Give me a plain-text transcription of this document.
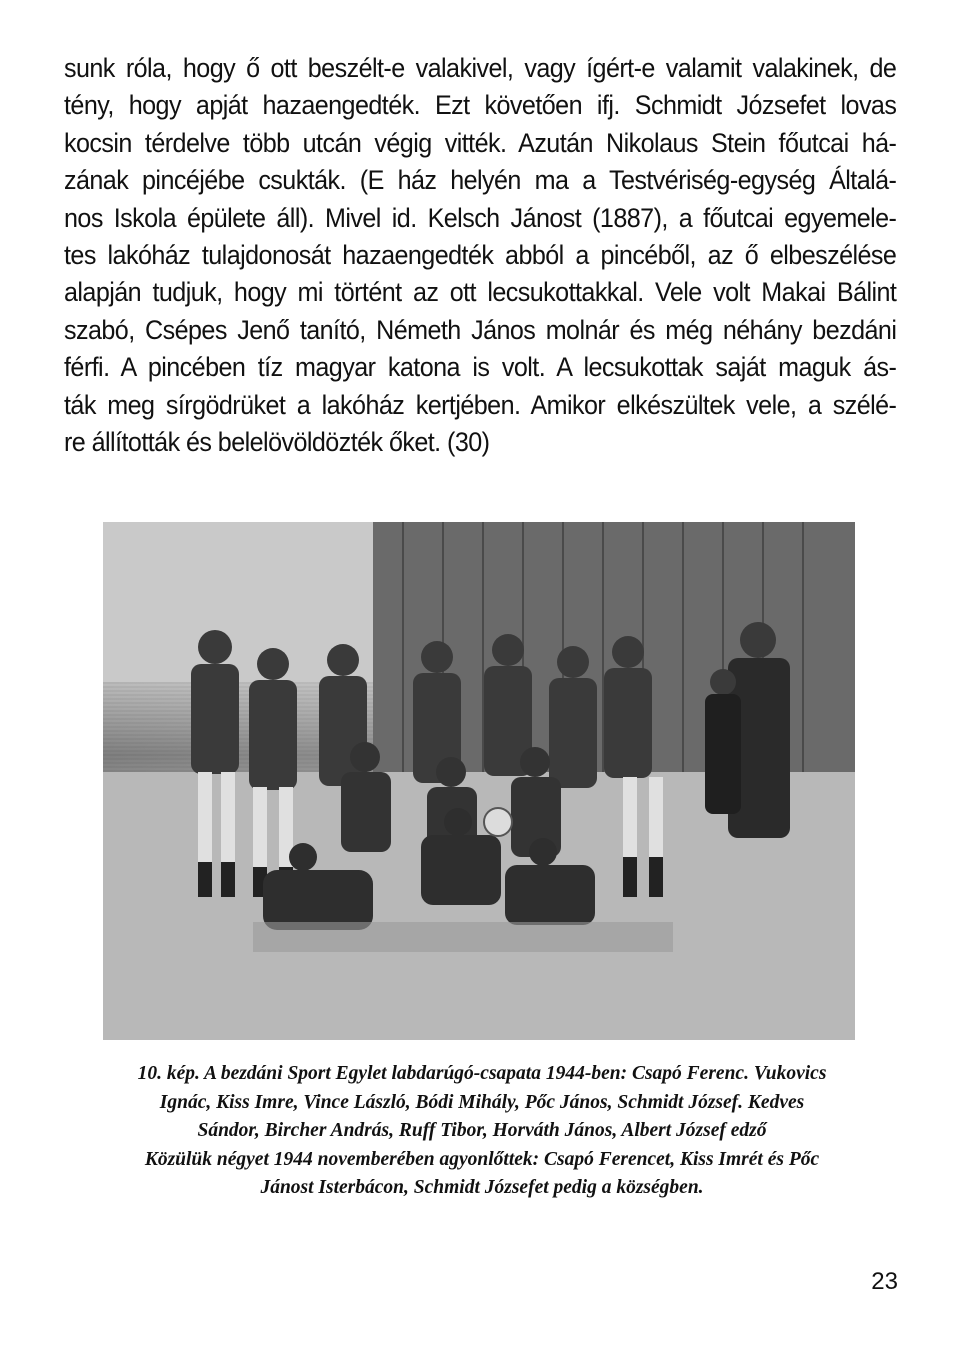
sunk róla, hogy ő ott beszélt-e valakivel, vagy ígért-e valamit valakinek, de
tény, hogy apját hazaengedték. Ezt követően ifj. Schmidt Józsefet lovas
kocsin térdelve több utcán végig vitték. Azután Nikolaus Stein főutcai há-
zának pincéjébe csukták. (E ház helyén ma a Testvériség-egység Általá-
nos Iskola épülete áll). Mivel id. Kelsch Jánost (1887), a főutcai egyemele-
tes lakóház tulajdonosát hazaengedték abból a pincéből, az ő elbeszélése
alapján tudjuk, hogy mi történt az ott lecsukottakkal. Vele volt Makai Bálint
szabó, Csépes Jenő tanító, Németh János molnár és még néhány bezdáni
férfi. A pincében tíz magyar katona is volt. A lecsukottak saját maguk ás-
ták meg sírgödrüket a lakóház kertjében. Amikor elkészültek vele, a szélé-
re állították és belelövöldözték őket. (30)
10. kép. A bezdáni Sport Egylet labdarúgó-csapata 1944-ben: Csapó Ferenc. Vukovics
Ignác, Kiss Imre, Vince László, Bódi Mihály, Pőc János, Schmidt József. Kedves
Sándor, Bircher András, Ruff Tibor, Horváth János, Albert József edző
Közülük négyet 1944 novemberében agyonlőttek: Csapó Ferencet, Kiss Imrét és Pőc
Jánost Isterbácon, Schmidt Józsefet pedig a községben.
23
